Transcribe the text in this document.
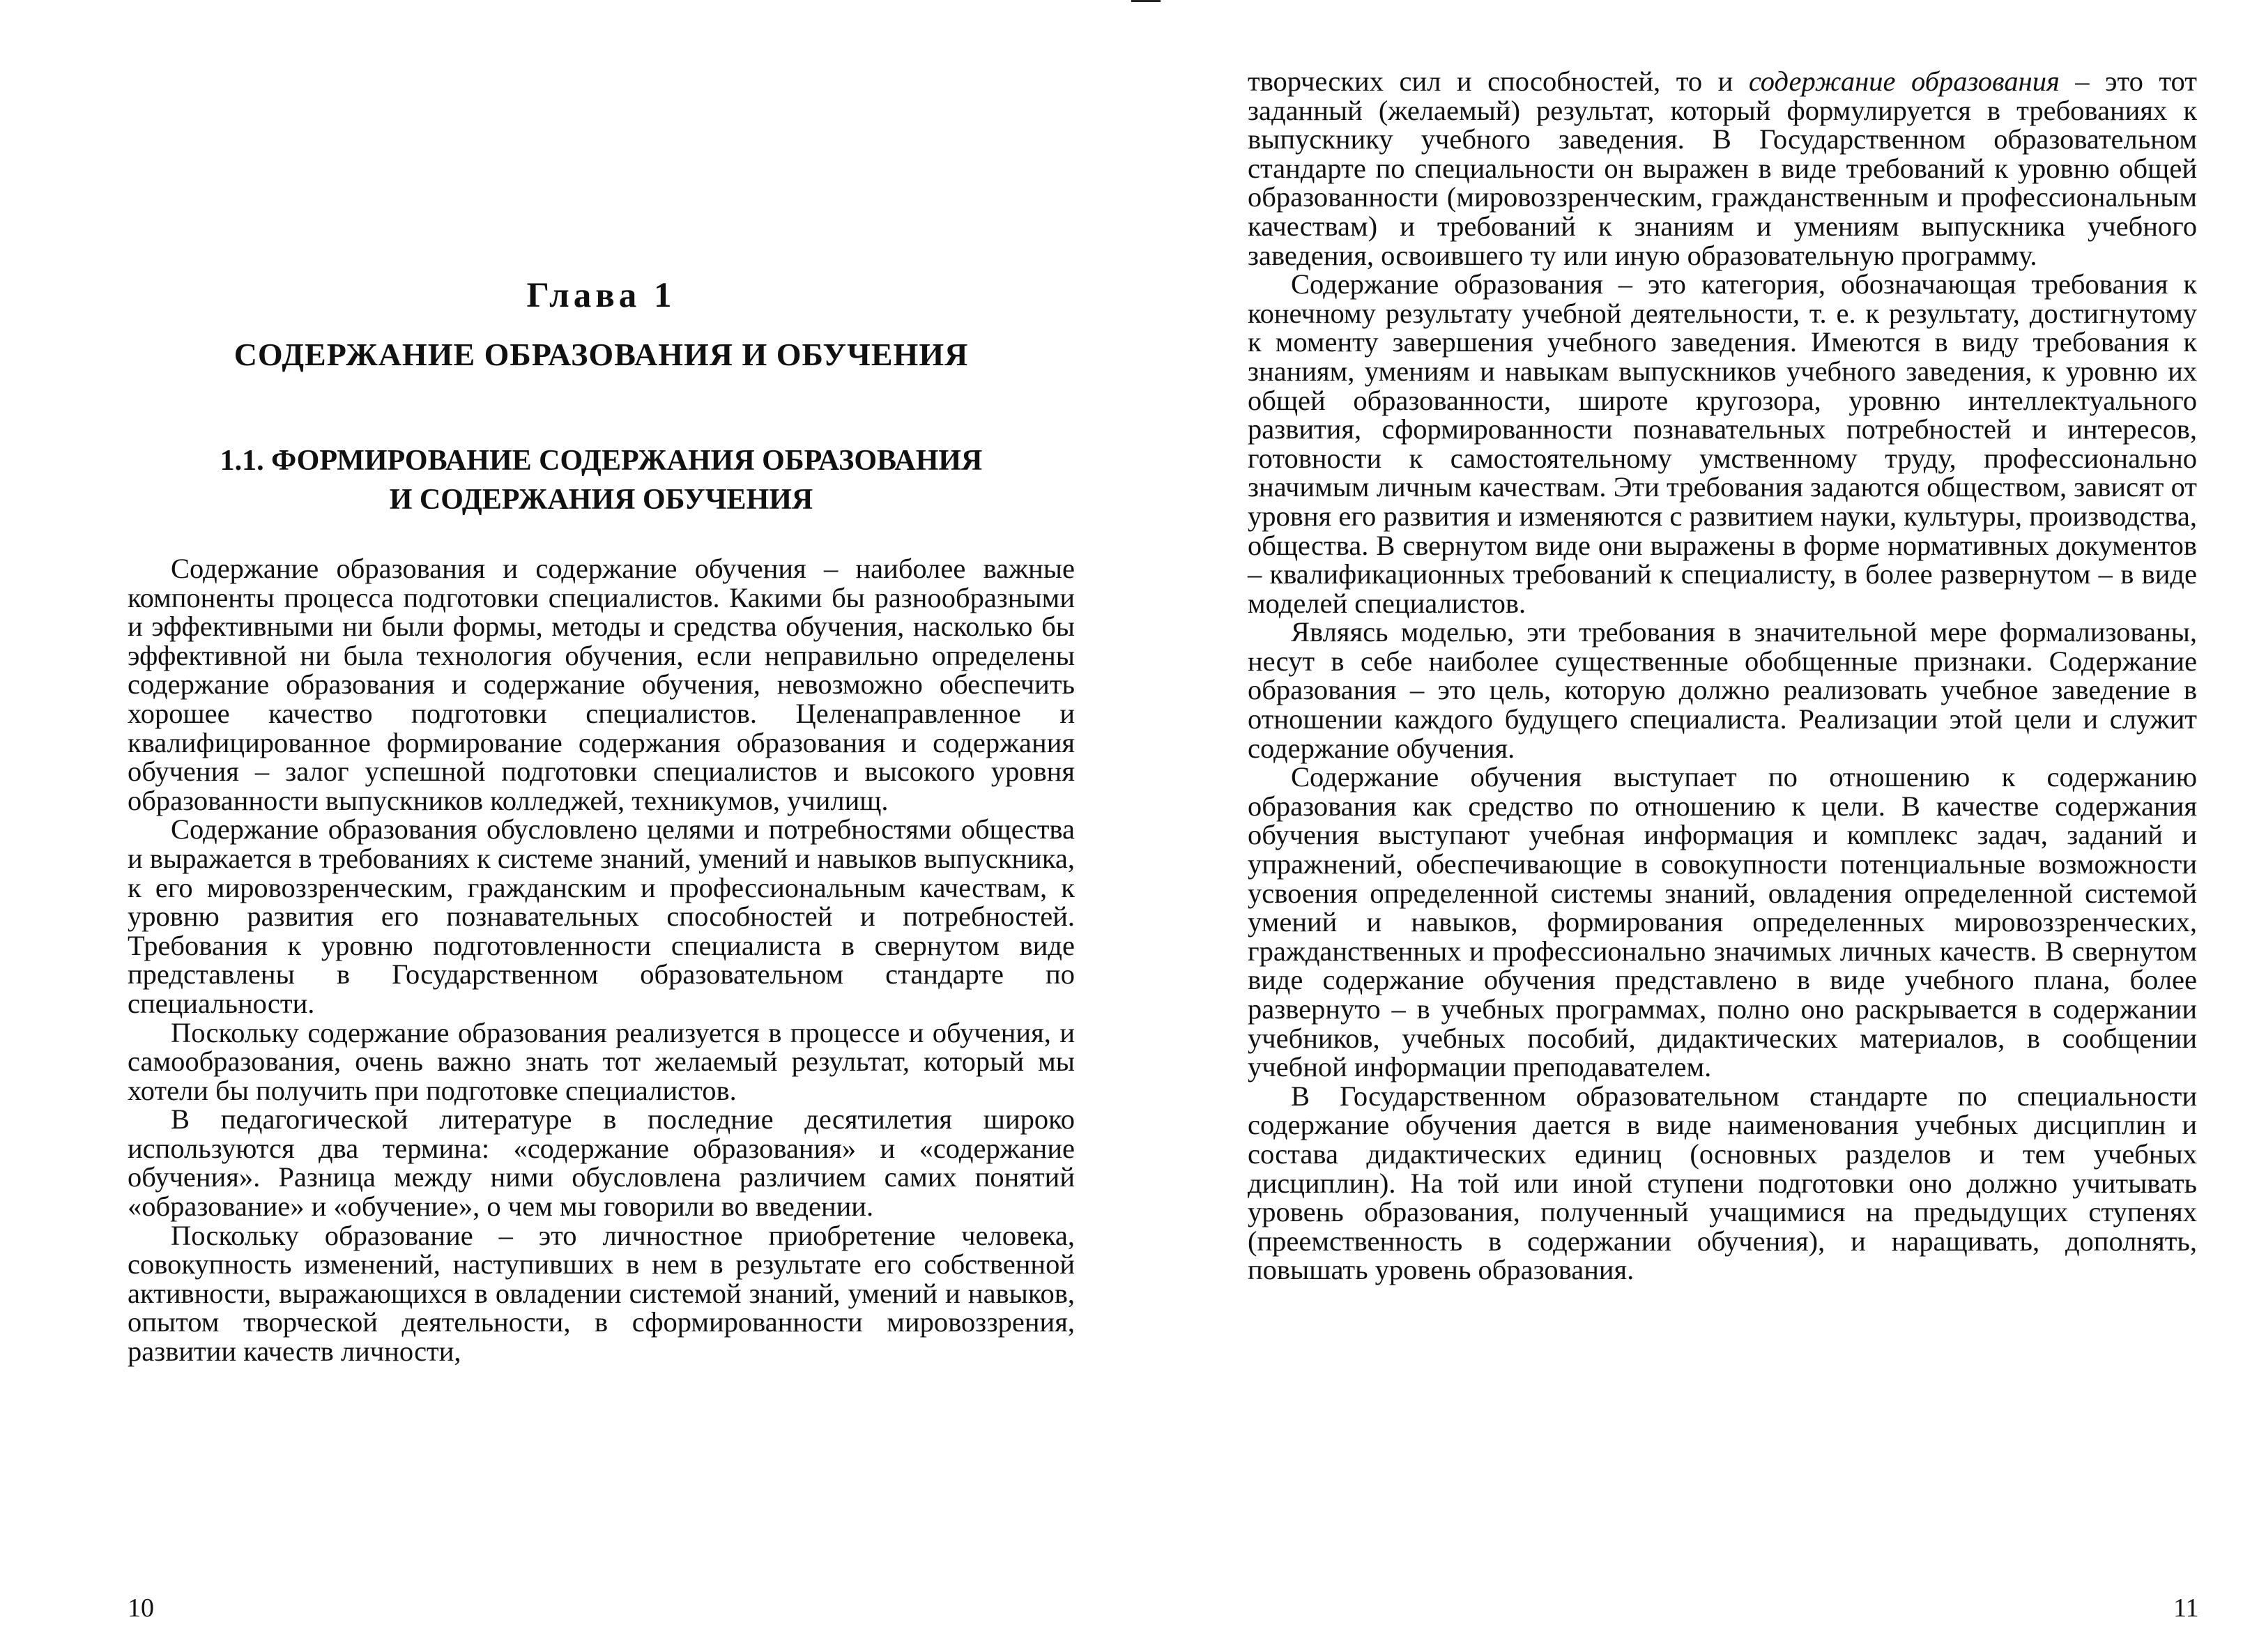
Глава 1
СОДЕРЖАНИЕ ОБРАЗОВАНИЯ И ОБУЧЕНИЯ
1.1. ФОРМИРОВАНИЕ СОДЕРЖАНИЯ ОБРАЗОВАНИЯ
И СОДЕРЖАНИЯ ОБУЧЕНИЯ

Содержание образования и содержание обучения – наиболее важные компоненты процесса подготовки специалистов. Какими бы разнообразными и эффективными ни были формы, методы и средства обучения, насколько бы эффективной ни была технология обучения, если неправильно определены содержание образования и содержание обучения, невозможно обеспечить хорошее качество подготовки специалистов. Целенаправленное и квалифицированное формирование содержания образования и содержания обучения – залог успешной подготовки специалистов и высокого уровня образованности выпускников колледжей, техникумов, училищ.

Содержание образования обусловлено целями и потребностями общества и выражается в требованиях к системе знаний, умений и навыков выпускника, к его мировоззренческим, гражданским и профессиональным качествам, к уровню развития его познавательных способностей и потребностей. Требования к уровню подготовленности специалиста в свернутом виде представлены в Государственном образовательном стандарте по специальности.

Поскольку содержание образования реализуется в процессе и обучения, и самообразования, очень важно знать тот желаемый результат, который мы хотели бы получить при подготовке специалистов.

В педагогической литературе в последние десятилетия широко используются два термина: «содержание образования» и «содержание обучения». Разница между ними обусловлена различием самих понятий «образование» и «обучение», о чем мы говорили во введении.

Поскольку образование – это личностное приобретение человека, совокупность изменений, наступивших в нем в результате его собственной активности, выражающихся в овладении системой знаний, умений и навыков, опытом творческой деятельности, в сформированности мировоззрения, развитии качеств личности,

10

творческих сил и способностей, то и содержание образования – это тот заданный (желаемый) результат, который формулируется в требованиях к выпускнику учебного заведения. В Государственном образовательном стандарте по специальности он выражен в виде требований к уровню общей образованности (мировоззренческим, гражданственным и профессиональным качествам) и требований к знаниям и умениям выпускника учебного заведения, освоившего ту или иную образовательную программу.

Содержание образования – это категория, обозначающая требования к конечному результату учебной деятельности, т. е. к результату, достигнутому к моменту завершения учебного заведения. Имеются в виду требования к знаниям, умениям и навыкам выпускников учебного заведения, к уровню их общей образованности, широте кругозора, уровню интеллектуального развития, сформированности познавательных потребностей и интересов, готовности к самостоятельному умственному труду, профессионально значимым личным качествам. Эти требования задаются обществом, зависят от уровня его развития и изменяются с развитием науки, культуры, производства, общества. В свернутом виде они выражены в форме нормативных документов – квалификационных требований к специалисту, в более развернутом – в виде моделей специалистов.

Являясь моделью, эти требования в значительной мере формализованы, несут в себе наиболее существенные обобщенные признаки. Содержание образования – это цель, которую должно реализовать учебное заведение в отношении каждого будущего специалиста. Реализации этой цели и служит содержание обучения.

Содержание обучения выступает по отношению к содержанию образования как средство по отношению к цели. В качестве содержания обучения выступают учебная информация и комплекс задач, заданий и упражнений, обеспечивающие в совокупности потенциальные возможности усвоения определенной системы знаний, овладения определенной системой умений и навыков, формирования определенных мировоззренческих, гражданственных и профессионально значимых личных качеств. В свернутом виде содержание обучения представлено в виде учебного плана, более развернуто – в учебных программах, полно оно раскрывается в содержании учебников, учебных пособий, дидактических материалов, в сообщении учебной информации преподавателем.

В Государственном образовательном стандарте по специальности содержание обучения дается в виде наименования учебных дисциплин и состава дидактических единиц (основных разделов и тем учебных дисциплин). На той или иной ступени подготовки оно должно учитывать уровень образования, полученный учащимися на предыдущих ступенях (преемственность в содержании обучения), и наращивать, дополнять, повышать уровень образования.

11
